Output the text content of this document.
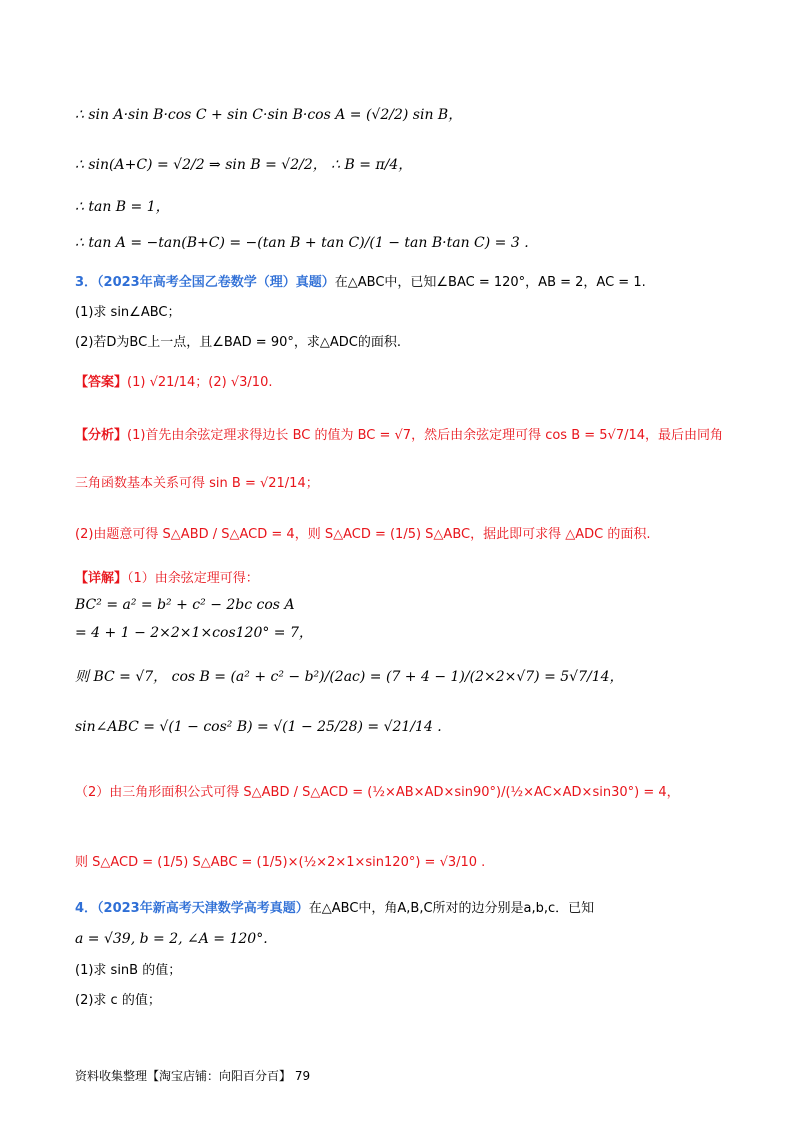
∴ sin A·sin B·cos C + sin C·sin B·cos A = (√2/2) sin B，
∴ sin(A+C) = √2/2 ⇒ sin B = √2/2， ∴ B = π/4，
∴ tan B = 1，
∴ tan A = −tan(B+C) = −(tan B + tan C)/(1 − tan B·tan C) = 3 .
3．（2023年高考全国乙卷数学（理）真题）在△ABC中，已知∠BAC = 120°，AB = 2，AC = 1.
(1)求 sin∠ABC；
(2)若D为BC上一点，且∠BAD = 90°，求△ADC的面积.
【答案】(1) √21/14；(2) √3/10.
【分析】(1)首先由余弦定理求得边长 BC 的值为 BC = √7，然后由余弦定理可得 cos B = 5√7/14，最后由同角
三角函数基本关系可得 sin B = √21/14；
(2)由题意可得 S△ABD / S△ACD = 4，则 S△ACD = (1/5) S△ABC，据此即可求得 △ADC 的面积.
【详解】（1）由余弦定理可得：
BC² = a² = b² + c² − 2bc cos A
= 4 + 1 − 2×2×1×cos120° = 7，
则 BC = √7， cos B = (a² + c² − b²)/(2ac) = (7 + 4 − 1)/(2×2×√7) = 5√7/14，
sin∠ABC = √(1 − cos² B) = √(1 − 25/28) = √21/14 .
（2）由三角形面积公式可得 S△ABD / S△ACD = (½×AB×AD×sin90°)/(½×AC×AD×sin30°) = 4，
则 S△ACD = (1/5) S△ABC = (1/5)×(½×2×1×sin120°) = √3/10 .
4．（2023年新高考天津数学高考真题）在△ABC中，角A,B,C所对的边分别是a,b,c．已知
a = √39, b = 2, ∠A = 120°.
(1)求 sinB 的值；
(2)求 c 的值；
资料收集整理【淘宝店铺：向阳百分百】 79
